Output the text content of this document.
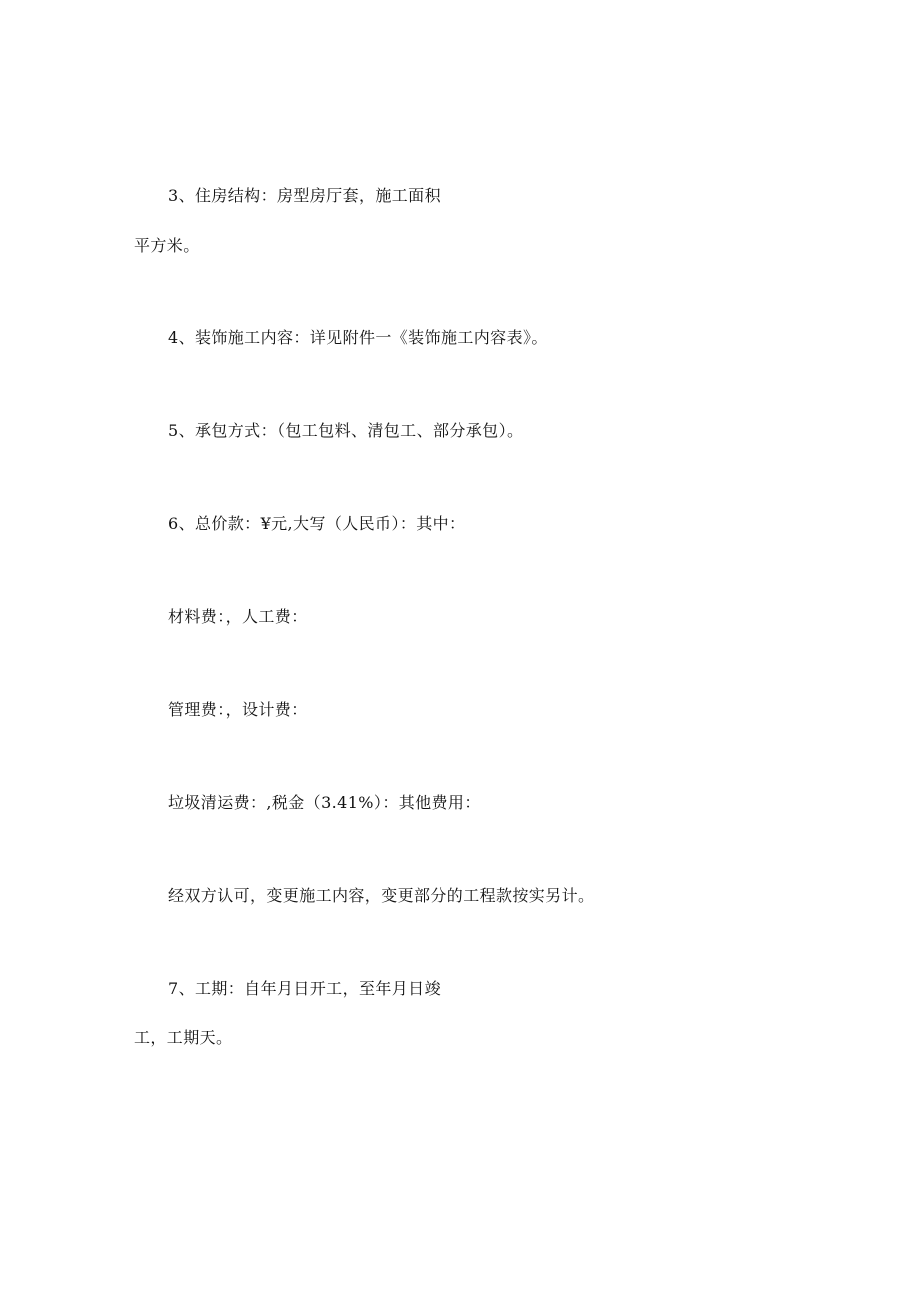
3、住房结构：房型房厅套，施工面积
平方米。
4、装饰施工内容：详见附件一《装饰施工内容表》。
5、承包方式：（包工包料、清包工、部分承包）。
6、总价款：¥元,大写（人民币）：其中：
材料费：，人工费：
管理费：，设计费：
垃圾清运费：,税金（3.41%）：其他费用：
经双方认可，变更施工内容，变更部分的工程款按实另计。
7、工期：自年月日开工，至年月日竣
工，工期天。
